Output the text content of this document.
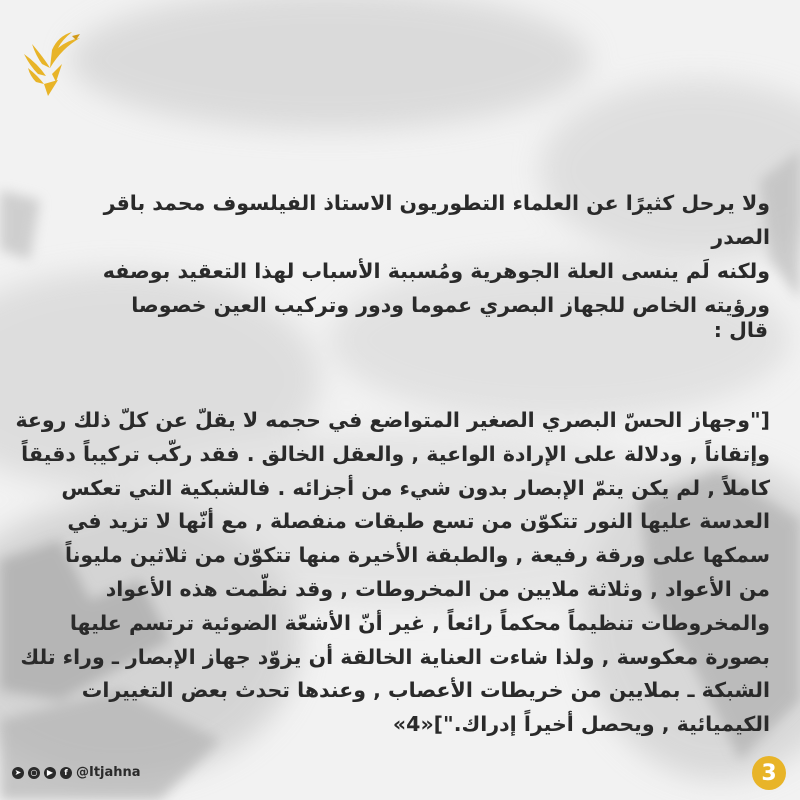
ولا يرحل كثيرًا عن العلماء التطوريون الاستاذ الفيلسوف محمد باقر الصدر

ولكنه لَم ينسى العلة الجوهرية ومُسببة الأسباب لهذا التعقيد بوصفه

ورؤيته الخاص للجهاز البصري عموما ودور وتركيب العين خصوصا

قال :

["وجهاز الحسّ البصري الصغير المتواضع في حجمه لا يقلّ عن كلّ ذلك روعة

وإتقاناً , ودلالة على الإرادة الواعية , والعقل الخالق . فقد ركّب تركيباً دقيقاً

كاملاً , لم يكن يتمّ الإبصار بدون شيء من أجزائه . فالشبكية التي تعكس

العدسة عليها النور تتكوّن من تسع طبقات منفصلة , مع أنّها لا تزيد في

سمكها على ورقة رفيعة , والطبقة الأخيرة منها تتكوّن من ثلاثين مليوناً

من الأعواد , وثلاثة ملايين من المخروطات , وقد نظّمت هذه الأعواد

والمخروطات تنظيماً محكماً رائعاً , غير أنّ الأشعّة الضوئية ترتسم عليها

بصورة معكوسة , ولذا شاءت العناية الخالقة أن يزوّد جهاز الإبصار ـ وراء تلك

الشبكة ـ بملايين من خريطات الأعصاب , وعندها تحدث بعض التغييرات

الكيميائية , ويحصل أخيراً إدراك."]«4»

➤	○	▶	f @Itjahna	3
